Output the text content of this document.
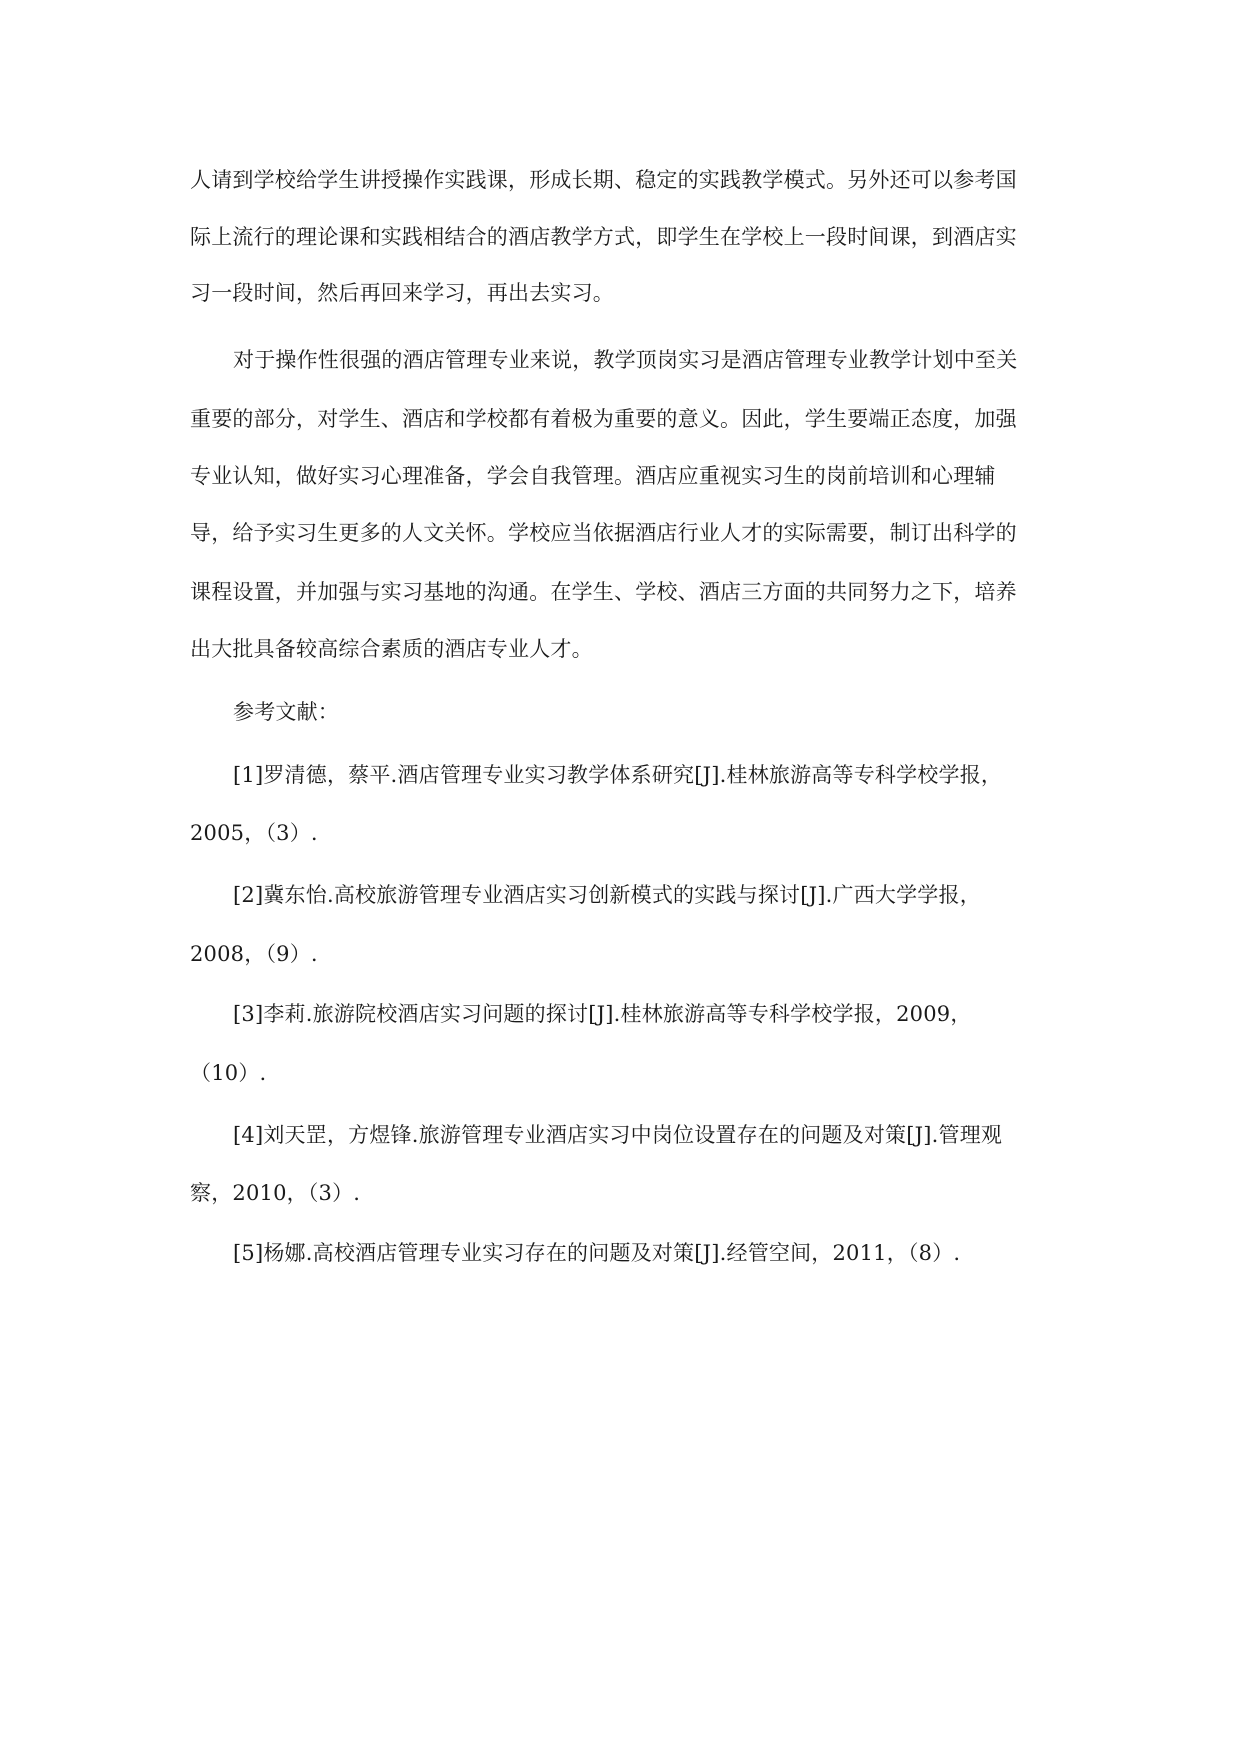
人请到学校给学生讲授操作实践课，形成长期、稳定的实践教学模式。另外还可以参考国
际上流行的理论课和实践相结合的酒店教学方式，即学生在学校上一段时间课，到酒店实
习一段时间，然后再回来学习，再出去实习。
对于操作性很强的酒店管理专业来说，教学顶岗实习是酒店管理专业教学计划中至关
重要的部分，对学生、酒店和学校都有着极为重要的意义。因此，学生要端正态度，加强
专业认知，做好实习心理准备，学会自我管理。酒店应重视实习生的岗前培训和心理辅
导，给予实习生更多的人文关怀。学校应当依据酒店行业人才的实际需要，制订出科学的
课程设置，并加强与实习基地的沟通。在学生、学校、酒店三方面的共同努力之下，培养
出大批具备较高综合素质的酒店专业人才。
参考文献：
[1]罗清德，蔡平.酒店管理专业实习教学体系研究[J].桂林旅游高等专科学校学报，
2005，（3）.
[2]冀东怡.高校旅游管理专业酒店实习创新模式的实践与探讨[J].广西大学学报，
2008，（9）.
[3]李莉.旅游院校酒店实习问题的探讨[J].桂林旅游高等专科学校学报，2009，
（10）.
[4]刘天罡，方煜锋.旅游管理专业酒店实习中岗位设置存在的问题及对策[J].管理观
察，2010，（3）.
[5]杨娜.高校酒店管理专业实习存在的问题及对策[J].经管空间，2011，（8）.
